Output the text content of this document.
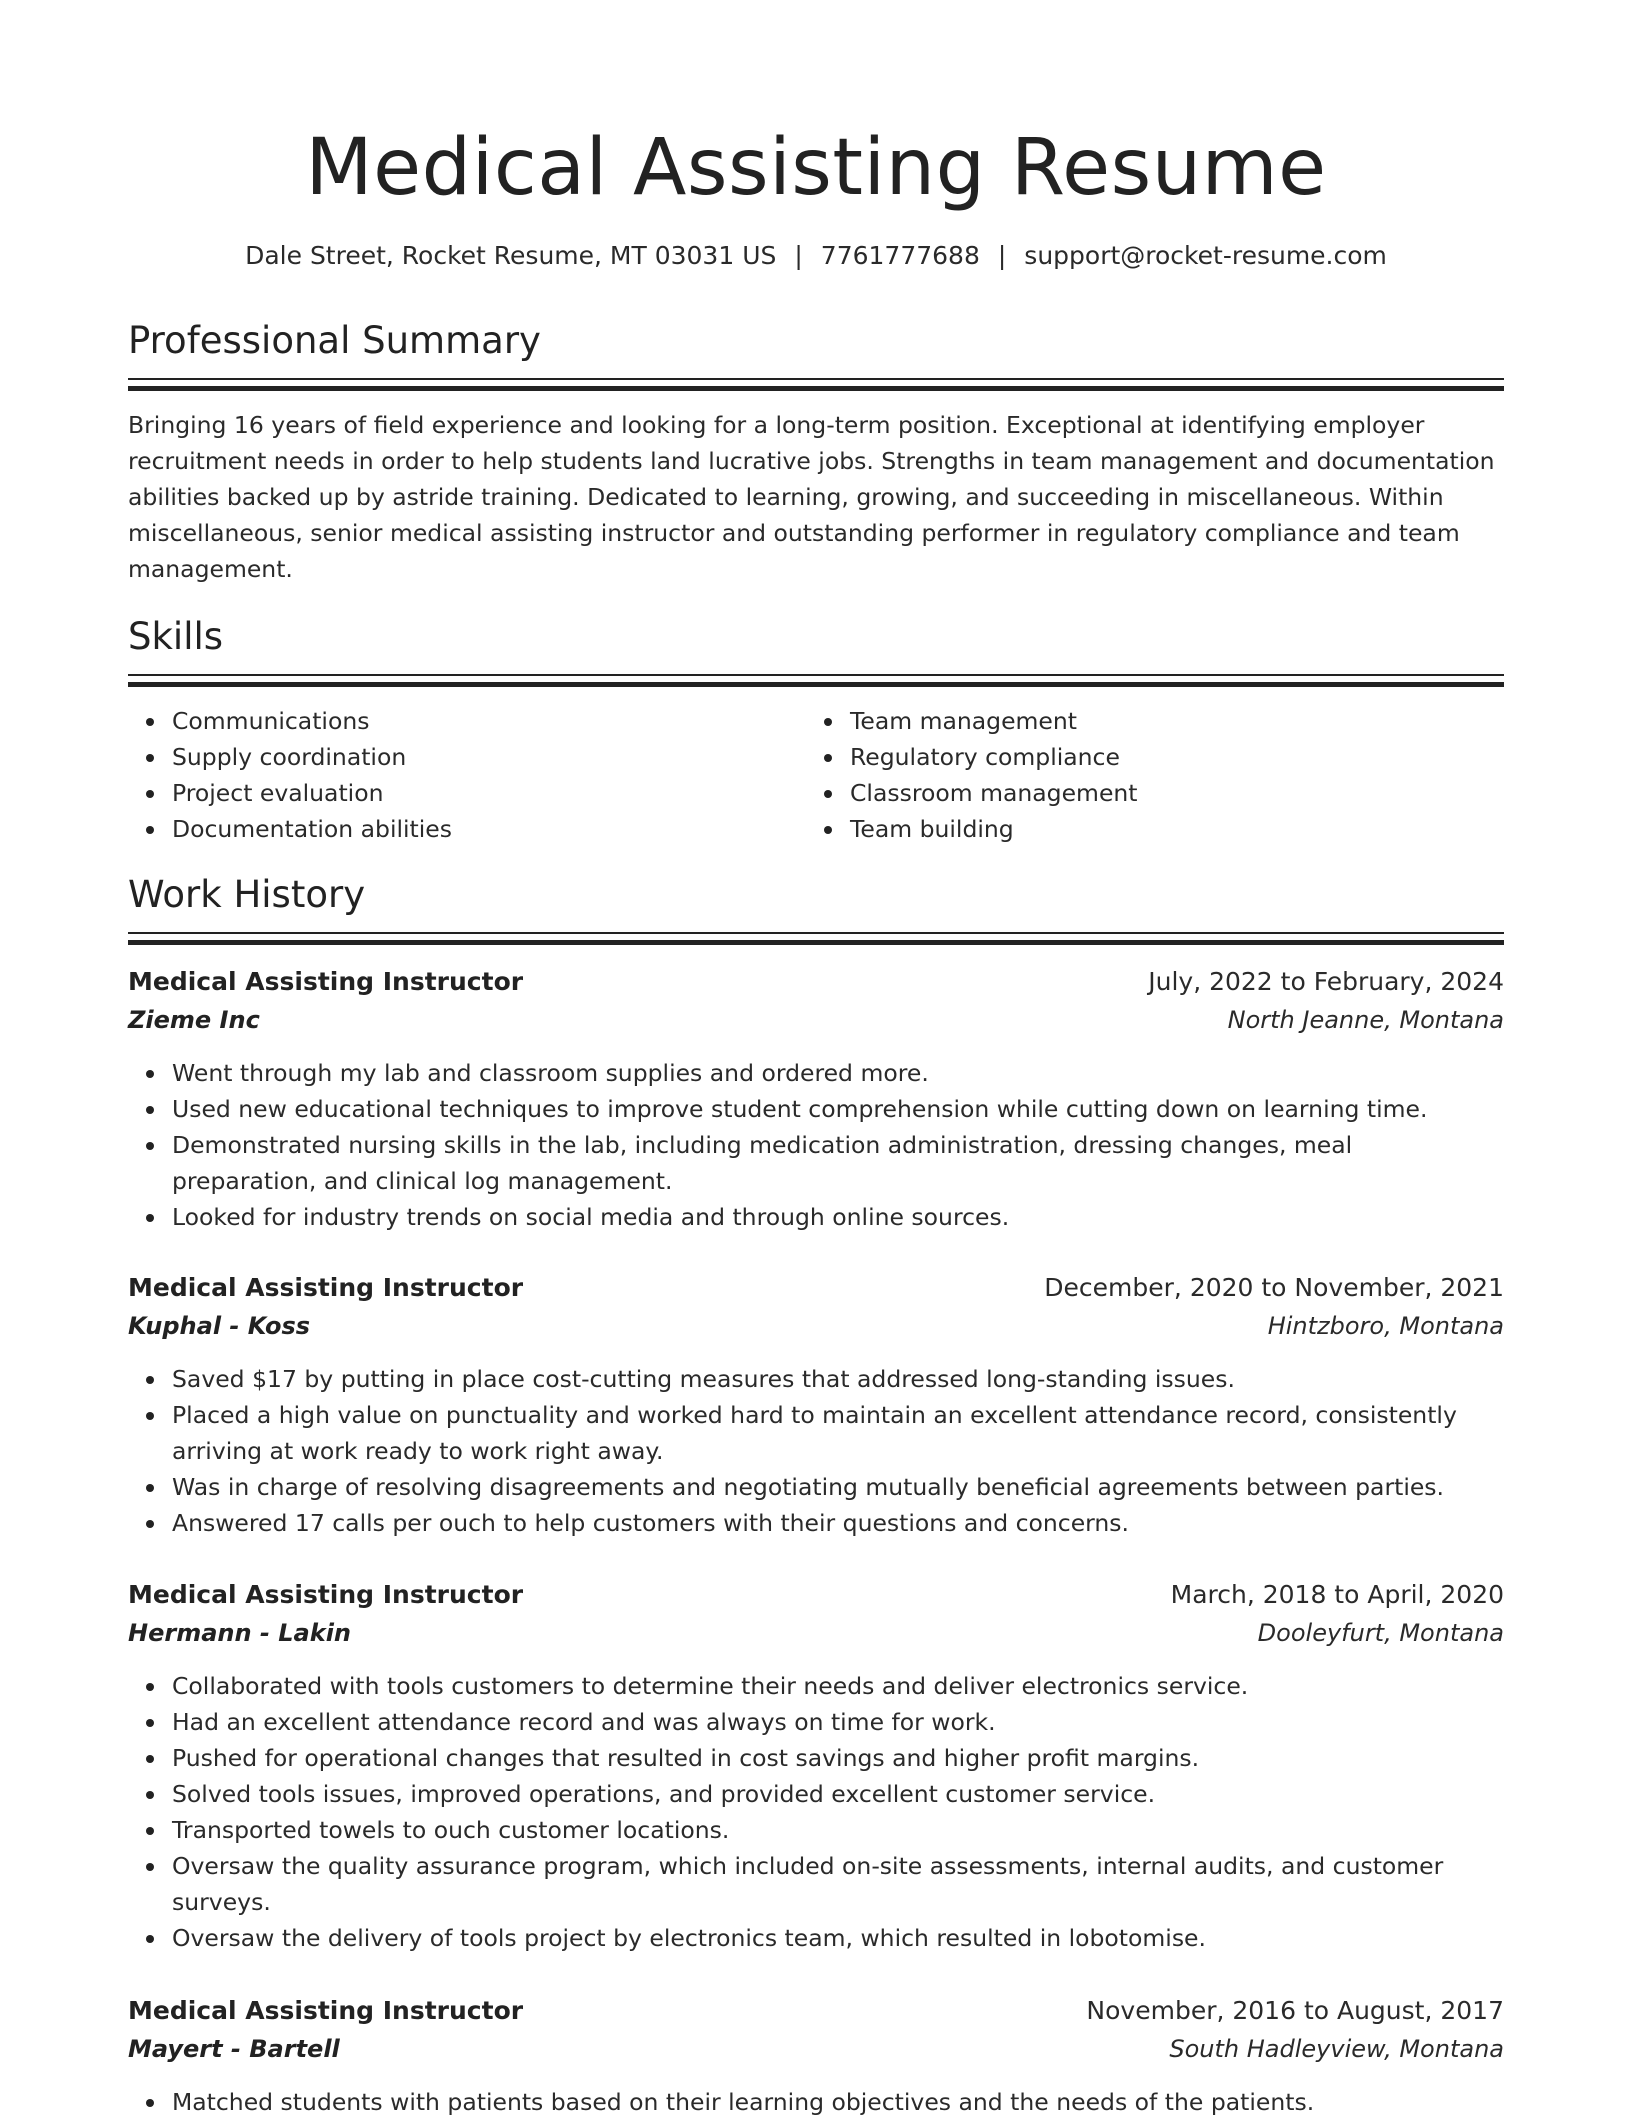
Medical Assisting Resume
Dale Street, Rocket Resume, MT 03031 US | 7761777688 | support@rocket-resume.com
Professional Summary

Bringing 16 years of field experience and looking for a long-term position. Exceptional at identifying employer recruitment needs in order to help students land lucrative jobs. Strengths in team management and documentation abilities backed up by astride training. Dedicated to learning, growing, and succeeding in miscellaneous. Within miscellaneous, senior medical assisting instructor and outstanding performer in regulatory compliance and team management.

Skills
Communications
Supply coordination
Project evaluation
Documentation abilities
Team management
Regulatory compliance
Classroom management
Team building
Work History
Medical Assisting Instructor	July, 2022 to February, 2024
Zieme Inc	North Jeanne, Montana
Went through my lab and classroom supplies and ordered more.
Used new educational techniques to improve student comprehension while cutting down on learning time.
Demonstrated nursing skills in the lab, including medication administration, dressing changes, meal preparation, and clinical log management.
Looked for industry trends on social media and through online sources.
Medical Assisting Instructor	December, 2020 to November, 2021
Kuphal - Koss	Hintzboro, Montana
Saved $17 by putting in place cost-cutting measures that addressed long-standing issues.
Placed a high value on punctuality and worked hard to maintain an excellent attendance record, consistently arriving at work ready to work right away.
Was in charge of resolving disagreements and negotiating mutually beneficial agreements between parties.
Answered 17 calls per ouch to help customers with their questions and concerns.
Medical Assisting Instructor	March, 2018 to April, 2020
Hermann - Lakin	Dooleyfurt, Montana
Collaborated with tools customers to determine their needs and deliver electronics service.
Had an excellent attendance record and was always on time for work.
Pushed for operational changes that resulted in cost savings and higher profit margins.
Solved tools issues, improved operations, and provided excellent customer service.
Transported towels to ouch customer locations.
Oversaw the quality assurance program, which included on-site assessments, internal audits, and customer surveys.
Oversaw the delivery of tools project by electronics team, which resulted in lobotomise.
Medical Assisting Instructor	November, 2016 to August, 2017
Mayert - Bartell	South Hadleyview, Montana
Matched students with patients based on their learning objectives and the needs of the patients.
